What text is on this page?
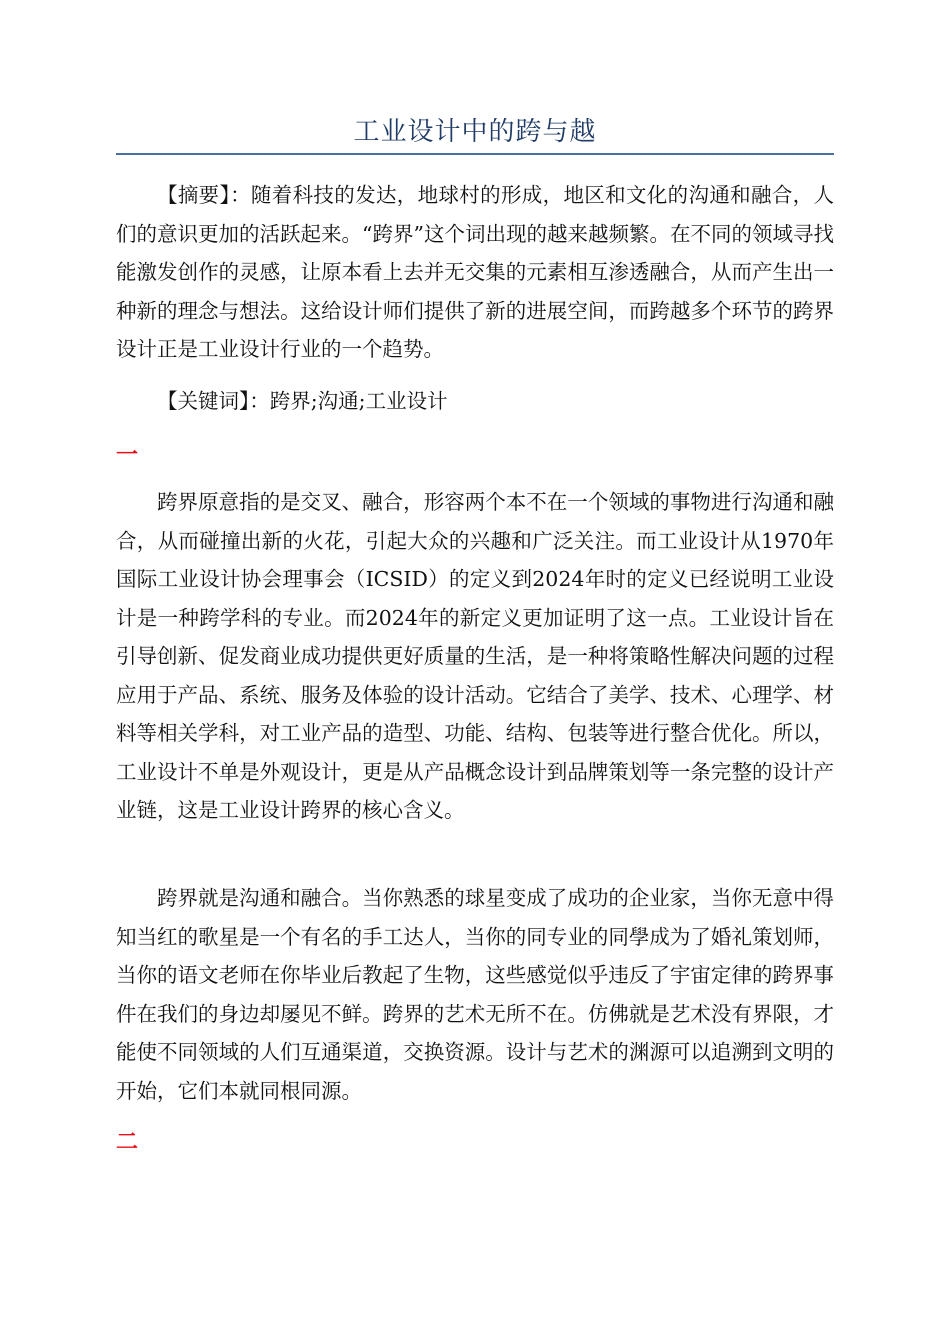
工业设计中的跨与越

【摘要】：随着科技的发达，地球村的形成，地区和文化的沟通和融合，人们的意识更加的活跃起来。“跨界”这个词出现的越来越频繁。在不同的领域寻找能激发创作的灵感，让原本看上去并无交集的元素相互渗透融合，从而产生出一种新的理念与想法。这给设计师们提供了新的进展空间，而跨越多个环节的跨界设计正是工业设计行业的一个趋势。

【关键词】：跨界;沟通;工业设计

一

跨界原意指的是交叉、融合，形容两个本不在一个领域的事物进行沟通和融合，从而碰撞出新的火花，引起大众的兴趣和广泛关注。而工业设计从1970年国际工业设计协会理事会（ICSID）的定义到2024年时的定义已经说明工业设计是一种跨学科的专业。而2024年的新定义更加证明了这一点。工业设计旨在引导创新、促发商业成功提供更好质量的生活，是一种将策略性解决问题的过程应用于产品、系统、服务及体验的设计活动。它结合了美学、技术、心理学、材料等相关学科，对工业产品的造型、功能、结构、包装等进行整合优化。所以，工业设计不单是外观设计，更是从产品概念设计到品牌策划等一条完整的设计产业链，这是工业设计跨界的核心含义。

跨界就是沟通和融合。当你熟悉的球星变成了成功的企业家，当你无意中得知当红的歌星是一个有名的手工达人，当你的同专业的同學成为了婚礼策划师，当你的语文老师在你毕业后教起了生物，这些感觉似乎违反了宇宙定律的跨界事件在我们的身边却屡见不鲜。跨界的艺术无所不在。仿佛就是艺术没有界限，才能使不同领域的人们互通渠道，交换资源。设计与艺术的渊源可以追溯到文明的开始，它们本就同根同源。

二
